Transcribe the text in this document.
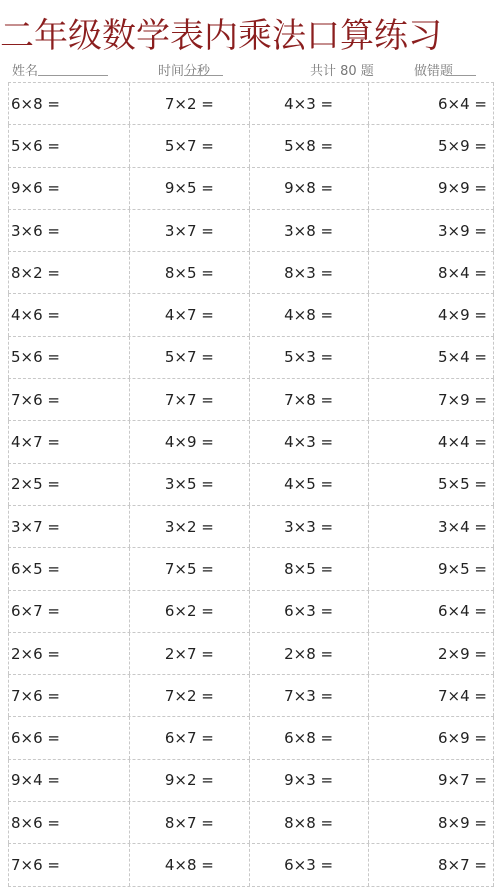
二年级数学表内乘法口算练习
姓名	时间
分
秒	共计 80 题	做错
题
6×8 =	7×2 =	4×3 =	6×4 =
5×6 =	5×7 =	5×8 =	5×9 =
9×6 =	9×5 =	9×8 =	9×9 =
3×6 =	3×7 =	3×8 =	3×9 =
8×2 =	8×5 =	8×3 =	8×4 =
4×6 =	4×7 =	4×8 =	4×9 =
5×6 =	5×7 =	5×3 =	5×4 =
7×6 =	7×7 =	7×8 =	7×9 =
4×7 =	4×9 =	4×3 =	4×4 =
2×5 =	3×5 =	4×5 =	5×5 =
3×7 =	3×2 =	3×3 =	3×4 =
6×5 =	7×5 =	8×5 =	9×5 =
6×7 =	6×2 =	6×3 =	6×4 =
2×6 =	2×7 =	2×8 =	2×9 =
7×6 =	7×2 =	7×3 =	7×4 =
6×6 =	6×7 =	6×8 =	6×9 =
9×4 =	9×2 =	9×3 =	9×7 =
8×6 =	8×7 =	8×8 =	8×9 =
7×6 =	4×8 =	6×3 =	8×7 =
